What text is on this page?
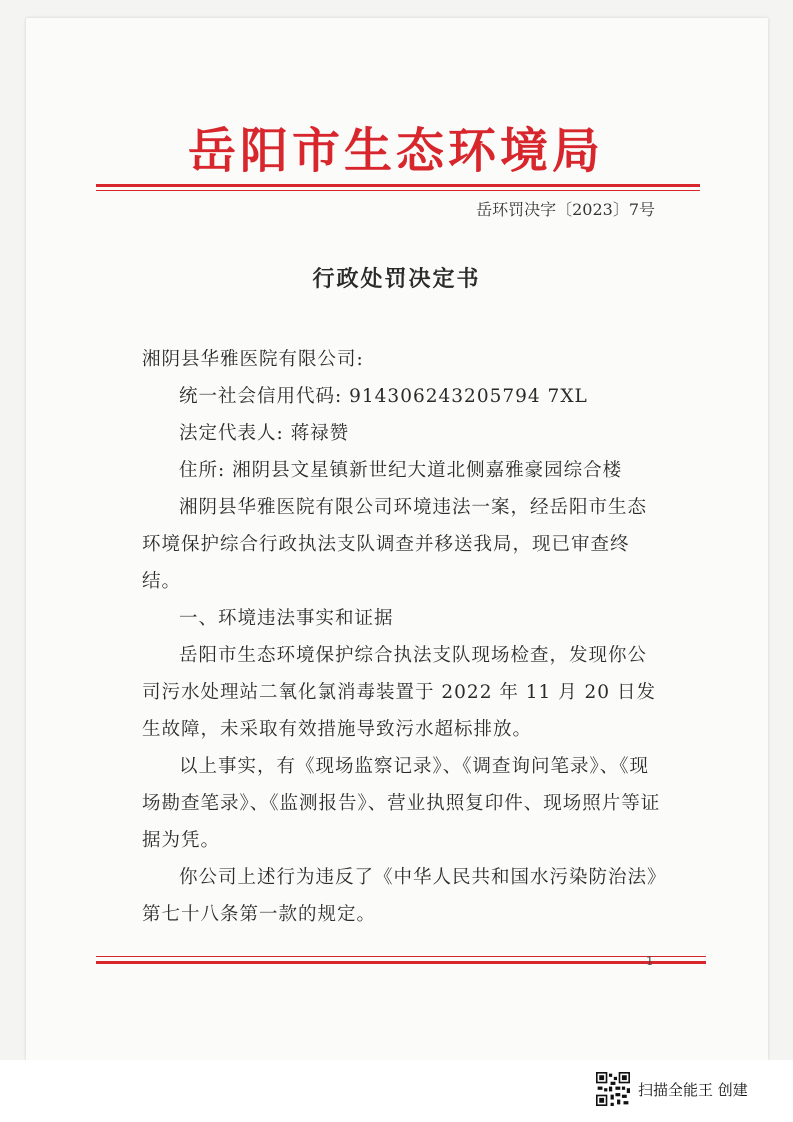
岳阳市生态环境局
岳环罚决字〔2023〕7号
行政处罚决定书

湘阴县华雅医院有限公司:

统一社会信用代码: 914306243205794 7XL

法定代表人: 蒋禄赞

住所: 湘阴县文星镇新世纪大道北侧嘉雅豪园综合楼

湘阴县华雅医院有限公司环境违法一案，经岳阳市生态环境保护综合行政执法支队调查并移送我局，现已审查终结。

一、环境违法事实和证据

岳阳市生态环境保护综合执法支队现场检查，发现你公司污水处理站二氧化氯消毒装置于 2022 年 11 月 20 日发生故障，未采取有效措施导致污水超标排放。

以上事实，有《现场监察记录》、《调查询问笔录》、《现场勘查笔录》、《监测报告》、营业执照复印件、现场照片等证据为凭。

你公司上述行为违反了《中华人民共和国水污染防治法》第七十八条第一款的规定。

1
扫描全能王 创建
